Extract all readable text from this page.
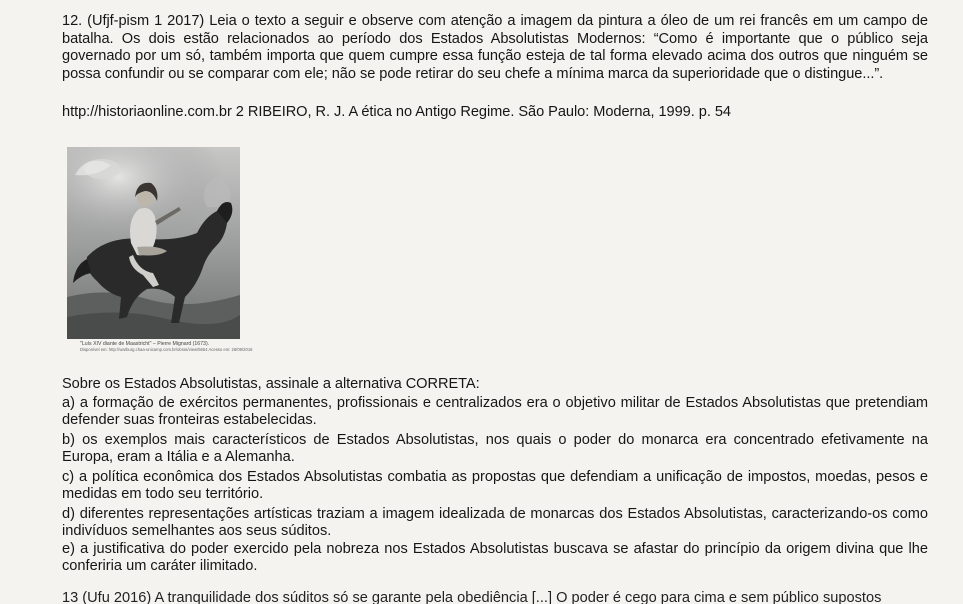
12. (Ufjf-pism 1 2017) Leia o texto a seguir e observe com atenção a imagem da pintura a óleo de um rei francês em um campo de batalha. Os dois estão relacionados ao período dos Estados Absolutistas Modernos: “Como é importante que o público seja governado por um só, também importa que quem cumpre essa função esteja de tal forma elevado acima dos outros que ninguém se possa confundir ou se comparar com ele; não se pode retirar do seu chefe a mínima marca da superioridade que o distingue...”.
http://historiaonline.com.br 2 RIBEIRO, R. J. A ética no Antigo Regime. São Paulo: Moderna, 1999. p. 54
"Luís XIV diante de Maastricht" – Pierre Mignard (1673).
Disponível em: http://warburg.chaa-unicamp.com.br/obras/view/6654 Acesso em: 26/09/2016
Sobre os Estados Absolutistas, assinale a alternativa CORRETA:
a) a formação de exércitos permanentes, profissionais e centralizados era o objetivo militar de Estados Absolutistas que pretendiam defender suas fronteiras estabelecidas.
b) os exemplos mais característicos de Estados Absolutistas, nos quais o poder do monarca era concentrado efetivamente na Europa, eram a Itália e a Alemanha.
c) a política econômica dos Estados Absolutistas combatia as propostas que defendiam a unificação de impostos, moedas, pesos e medidas em todo seu território.
d) diferentes representações artísticas traziam a imagem idealizada de monarcas dos Estados Absolutistas, caracterizando-os como indivíduos semelhantes aos seus súditos.
e) a justificativa do poder exercido pela nobreza nos Estados Absolutistas buscava se afastar do princípio da origem divina que lhe conferiria um caráter ilimitado.
13 (Ufu 2016) A tranquilidade dos súditos só se garante pela obediência [...] O poder é cego para cima e sem público supostos
